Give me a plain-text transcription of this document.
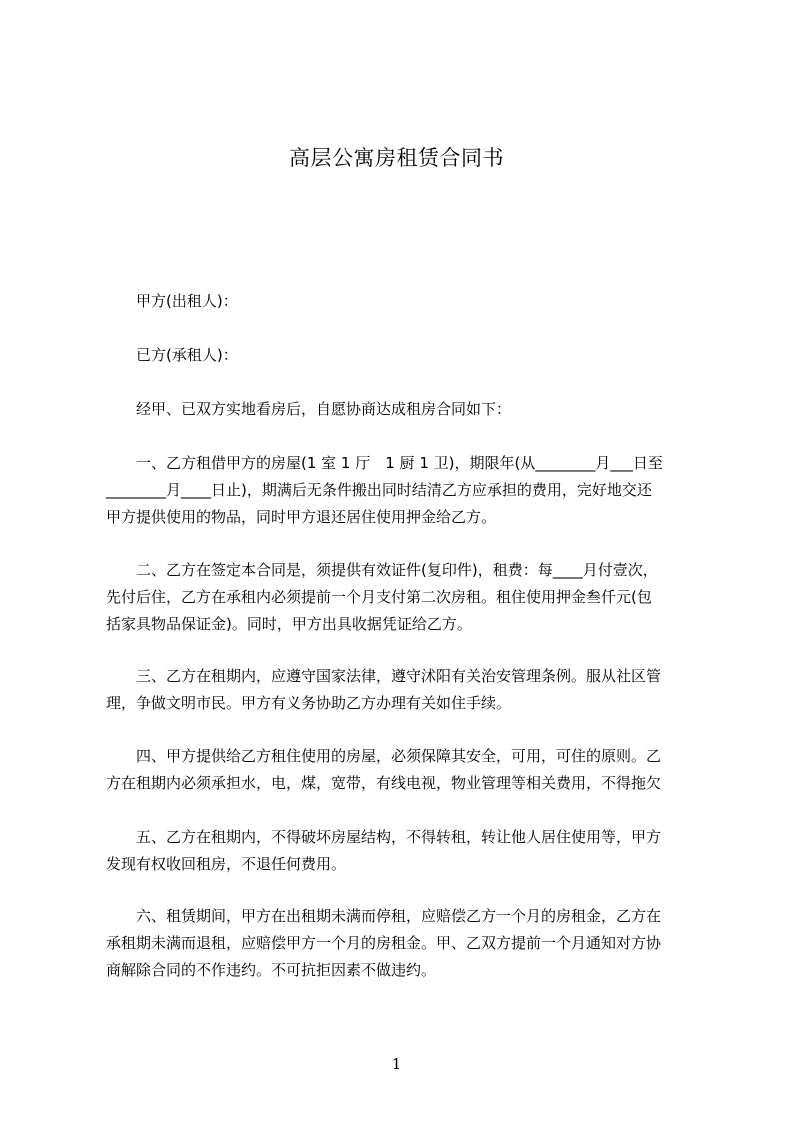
高层公寓房租赁合同书
甲方(出租人)：
已方(承租人)：
经甲、已双方实地看房后，自愿协商达成租房合同如下：
一、乙方租借甲方的房屋(1 室 1 厅　1 厨 1 卫)，期限年(从________月___日至
________月____日止)，期满后无条件搬出同时结清乙方应承担的费用，完好地交还
甲方提供使用的物品，同时甲方退还居住使用押金给乙方。
二、乙方在签定本合同是，须提供有效证件(复印件)，租费：每____月付壹次，
先付后住，乙方在承租内必须提前一个月支付第二次房租。租住使用押金叁仟元(包
括家具物品保证金)。同时，甲方出具收据凭证给乙方。
三、乙方在租期内，应遵守国家法律，遵守沭阳有关治安管理条例。服从社区管
理，争做文明市民。甲方有义务协助乙方办理有关如住手续。
四、甲方提供给乙方租住使用的房屋，必须保障其安全，可用，可住的原则。乙
方在租期内必须承担水，电，煤，宽带，有线电视，物业管理等相关费用，不得拖欠
五、乙方在租期内，不得破坏房屋结构，不得转租，转让他人居住使用等，甲方
发现有权收回租房，不退任何费用。
六、租赁期间，甲方在出租期未满而停租，应赔偿乙方一个月的房租金，乙方在
承租期未满而退租，应赔偿甲方一个月的房租金。甲、乙双方提前一个月通知对方协
商解除合同的不作违约。不可抗拒因素不做违约。
1
